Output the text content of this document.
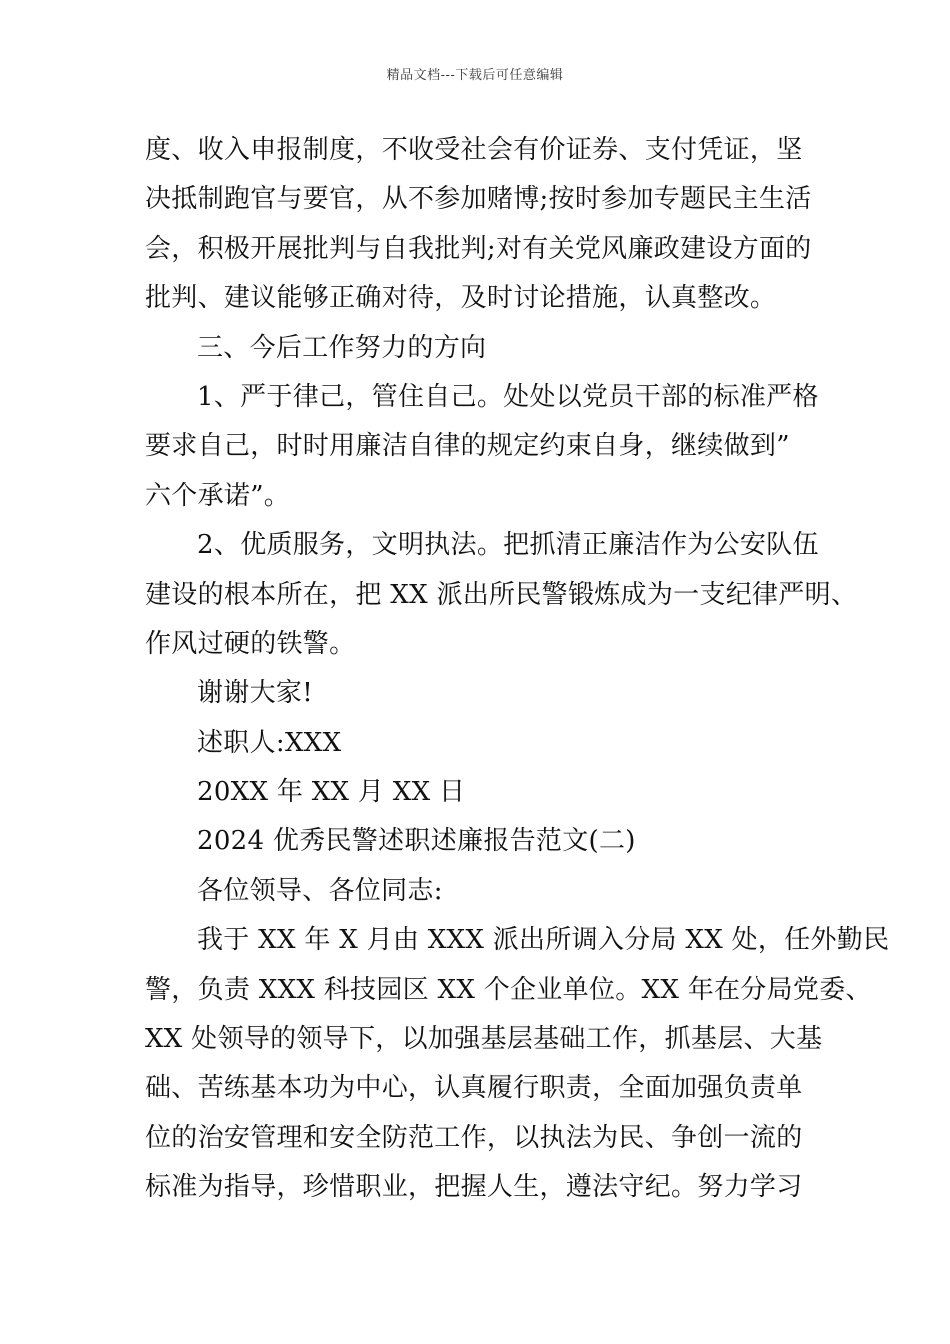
精品文档---下载后可任意编辑
度、收入申报制度，不收受社会有价证券、支付凭证，坚
决抵制跑官与要官，从不参加赌博;按时参加专题民主生活
会，积极开展批判与自我批判;对有关党风廉政建设方面的
批判、建议能够正确对待，及时讨论措施，认真整改。
三、今后工作努力的方向
1、严于律己，管住自己。处处以党员干部的标准严格
要求自己，时时用廉洁自律的规定约束自身，继续做到”
六个承诺”。
2、优质服务，文明执法。把抓清正廉洁作为公安队伍
建设的根本所在，把 XX 派出所民警锻炼成为一支纪律严明、
作风过硬的铁警。
谢谢大家!
述职人:XXX
20XX 年 XX 月 XX 日
2024 优秀民警述职述廉报告范文(二)
各位领导、各位同志:
我于 XX 年 X 月由 XXX 派出所调入分局 XX 处，任外勤民
警，负责 XXX 科技园区 XX 个企业单位。XX 年在分局党委、
XX 处领导的领导下，以加强基层基础工作，抓基层、大基
础、苦练基本功为中心，认真履行职责，全面加强负责单
位的治安管理和安全防范工作，以执法为民、争创一流的
标准为指导，珍惜职业，把握人生，遵法守纪。努力学习
